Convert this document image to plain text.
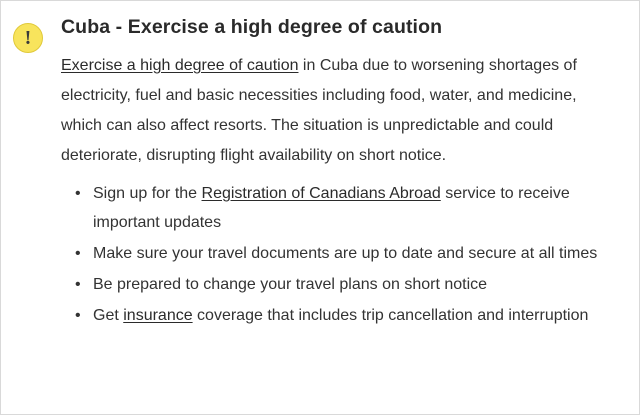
! Cuba - Exercise a high degree of caution

Exercise a high degree of caution in Cuba due to worsening shortages of electricity, fuel and basic necessities including food, water, and medicine, which can also affect resorts. The situation is unpredictable and could deteriorate, disrupting flight availability on short notice.

• Sign up for the Registration of Canadians Abroad service to receive important updates
• Make sure your travel documents are up to date and secure at all times
• Be prepared to change your travel plans on short notice
• Get insurance coverage that includes trip cancellation and interruption
